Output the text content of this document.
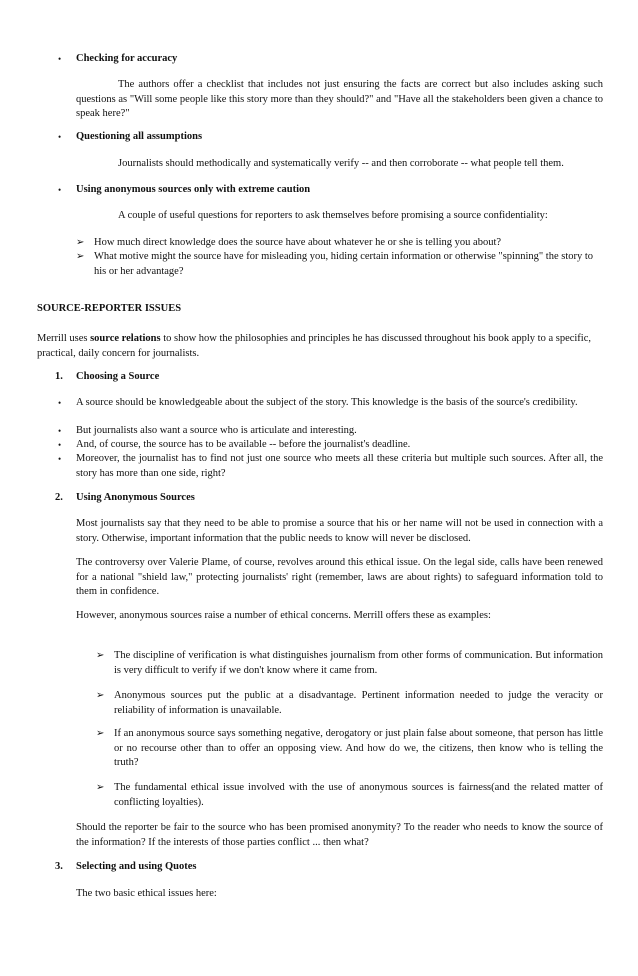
• Checking for accuracy

The authors offer a checklist that includes not just ensuring the facts are correct but also includes asking such questions as "Will some people like this story more than they should?" and "Have all the stakeholders been given a chance to speak here?"

• Questioning all assumptions

Journalists should methodically and systematically verify -- and then corroborate -- what people tell them.

• Using anonymous sources only with extreme caution

A couple of useful questions for reporters to ask themselves before promising a source confidentiality:

➢ How much direct knowledge does the source have about whatever he or she is telling you about?
➢ What motive might the source have for misleading you, hiding certain information or otherwise "spinning" the story to his or her advantage?

SOURCE-REPORTER ISSUES

Merrill uses source relations to show how the philosophies and principles he has discussed throughout his book apply to a specific, practical, daily concern for journalists.

1. Choosing a Source
• A source should be knowledgeable about the subject of the story. This knowledge is the basis of the source's credibility.
• But journalists also want a source who is articulate and interesting.
• And, of course, the source has to be available -- before the journalist's deadline.
• Moreover, the journalist has to find not just one source who meets all these criteria but multiple such sources. After all, the story has more than one side, right?
2. Using Anonymous Sources

Most journalists say that they need to be able to promise a source that his or her name will not be used in connection with a story. Otherwise, important information that the public needs to know will never be disclosed.

The controversy over Valerie Plame, of course, revolves around this ethical issue. On the legal side, calls have been renewed for a national "shield law," protecting journalists' right (remember, laws are about rights) to safeguard information told to them in confidence.

However, anonymous sources raise a number of ethical concerns. Merrill offers these as examples:

➢ The discipline of verification is what distinguishes journalism from other forms of communication. But information is very difficult to verify if we don't know where it came from.
➢ Anonymous sources put the public at a disadvantage. Pertinent information needed to judge the veracity or reliability of information is unavailable.
➢ If an anonymous source says something negative, derogatory or just plain false about someone, that person has little or no recourse other than to offer an opposing view. And how do we, the citizens, then know who is telling the truth?
➢ The fundamental ethical issue involved with the use of anonymous sources is fairness(and the related matter of conflicting loyalties).

Should the reporter be fair to the source who has been promised anonymity? To the reader who needs to know the source of the information? If the interests of those parties conflict ... then what?

3. Selecting and using Quotes

The two basic ethical issues here:
